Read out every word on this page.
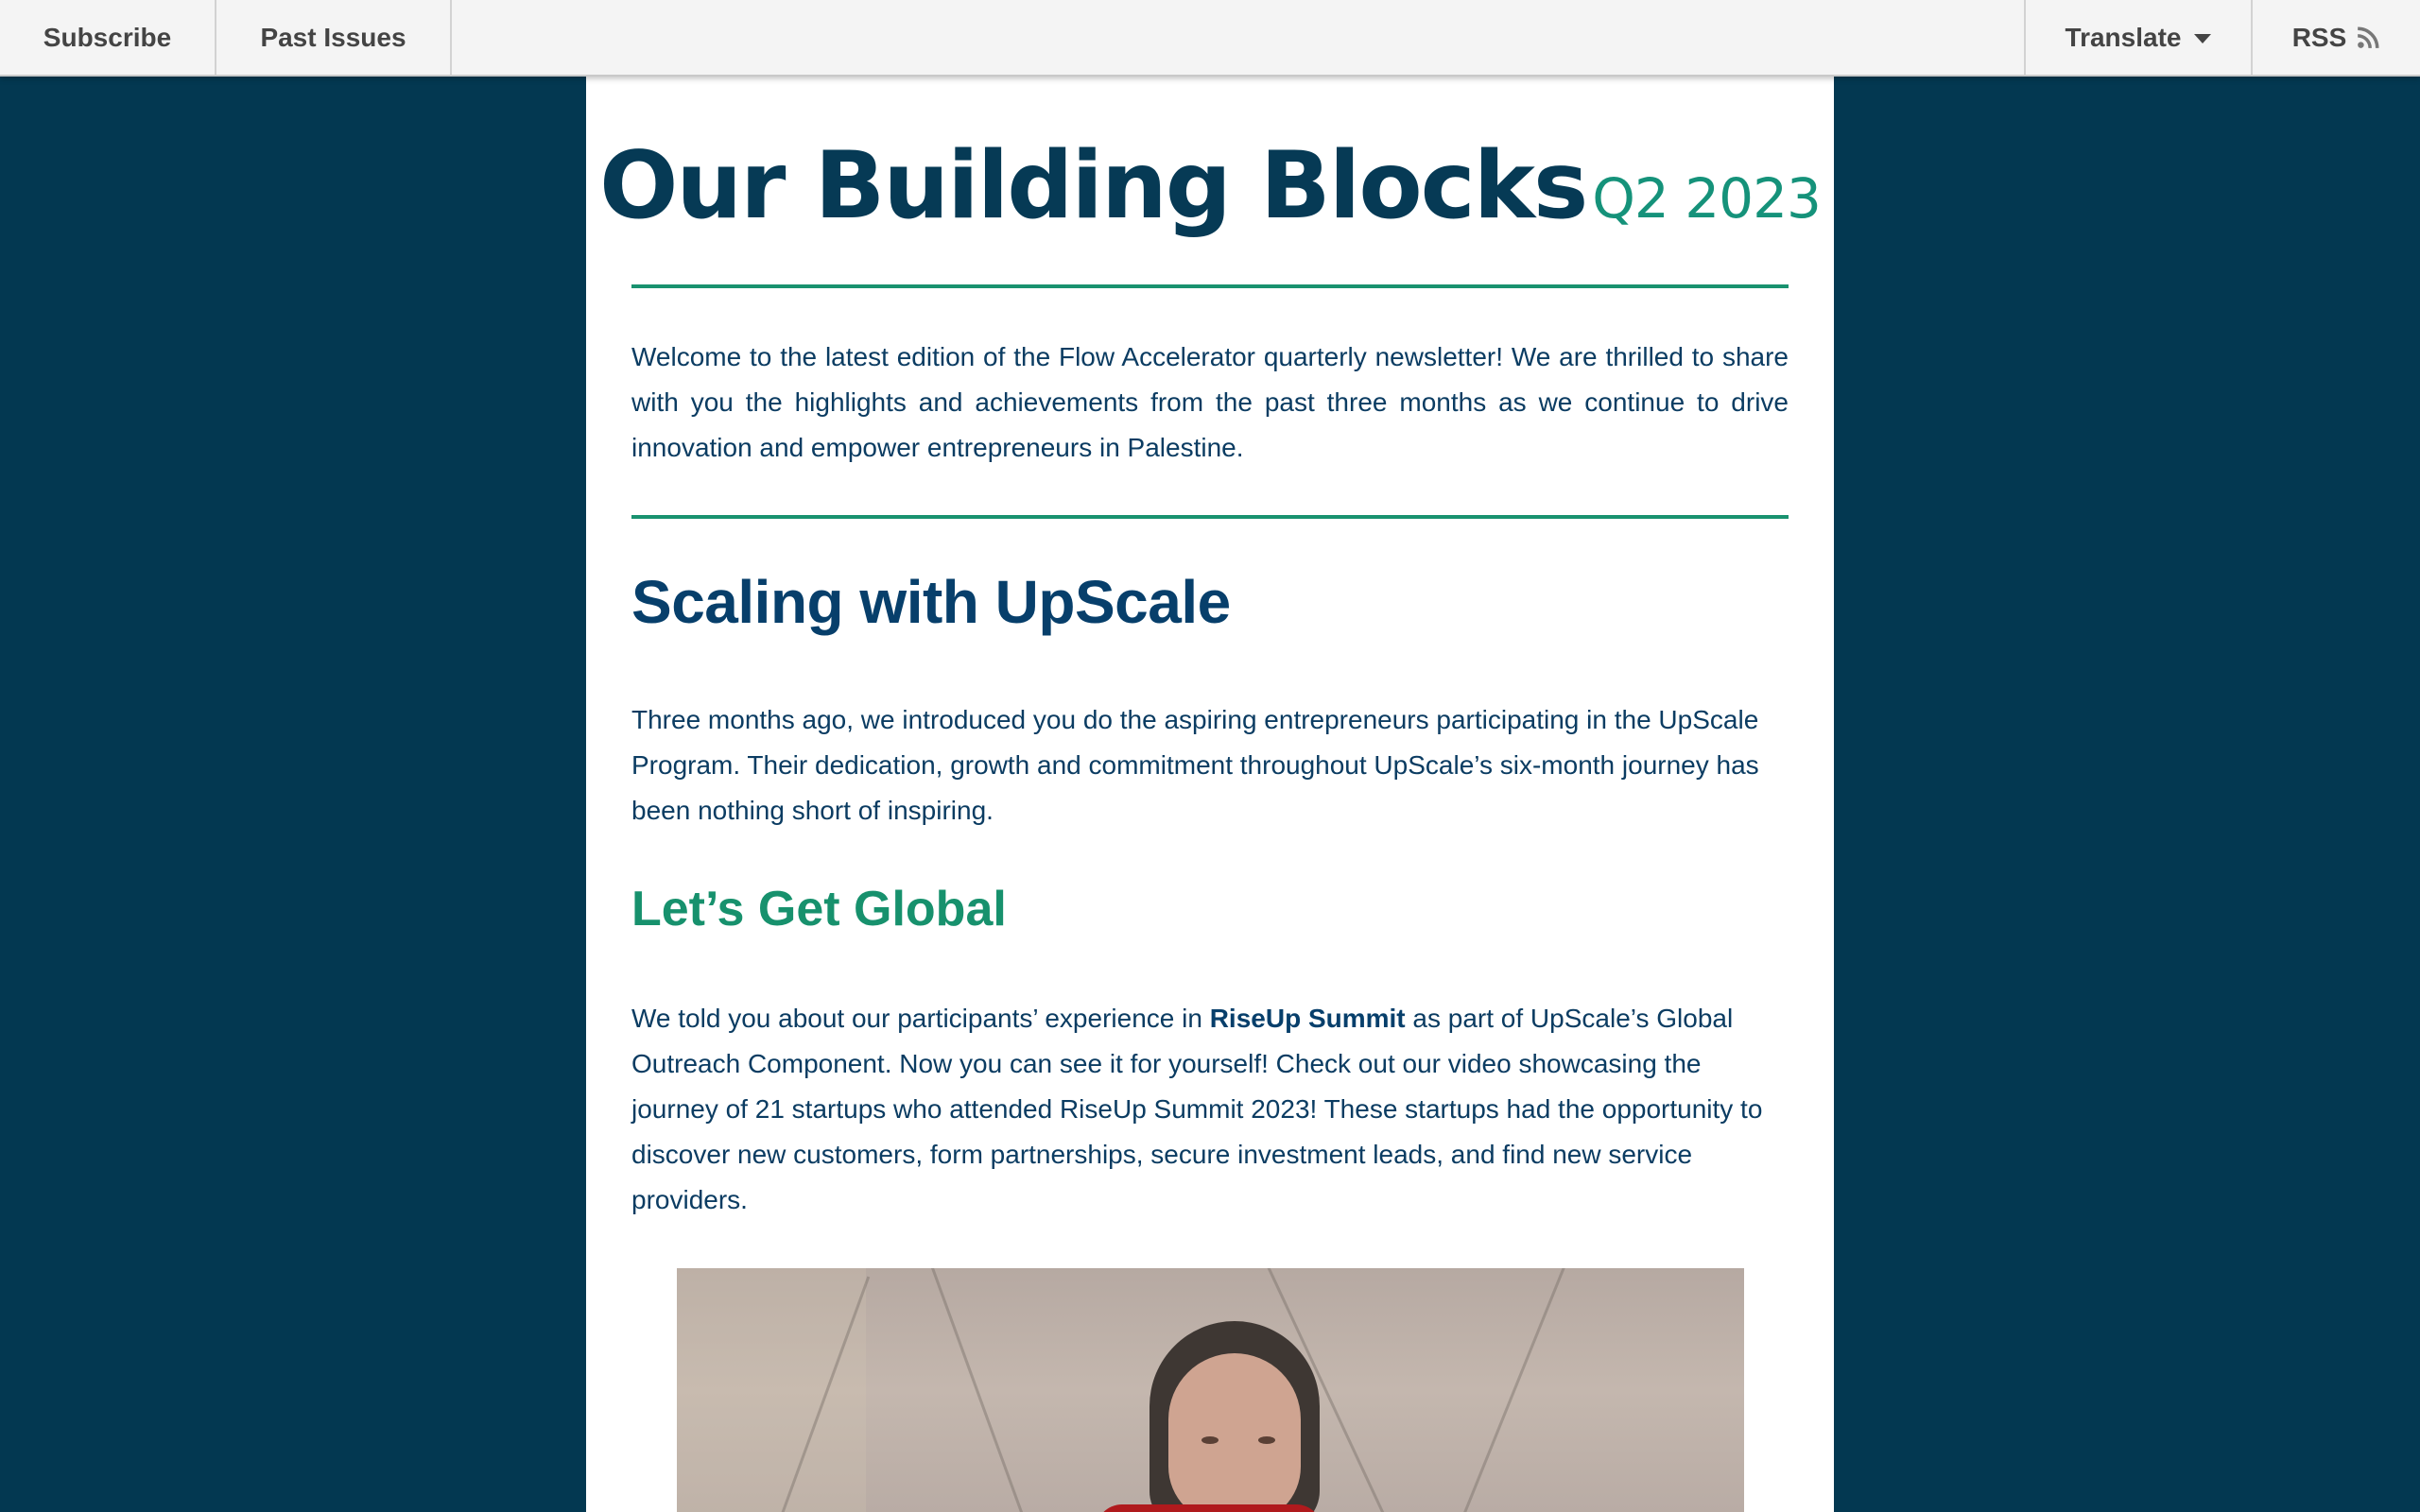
Subscribe	Past Issues	Translate	RSS
Our Building Blocks Q2 2023

Welcome to the latest edition of the Flow Accelerator quarterly newsletter! We are thrilled to share with you the highlights and achievements from the past three months as we continue to drive innovation and empower entrepreneurs in Palestine.

Scaling with UpScale

Three months ago, we introduced you do the aspiring entrepreneurs participating in the UpScale Program. Their dedication, growth and commitment throughout UpScale’s six-month journey has been nothing short of inspiring.

Let’s Get Global

We told you about our participants’ experience in RiseUp Summit as part of UpScale’s Global Outreach Component. Now you can see it for yourself! Check out our video showcasing the journey of 21 startups who attended RiseUp Summit 2023! These startups had the opportunity to discover new customers, form partnerships, secure investment leads, and find new service providers.
